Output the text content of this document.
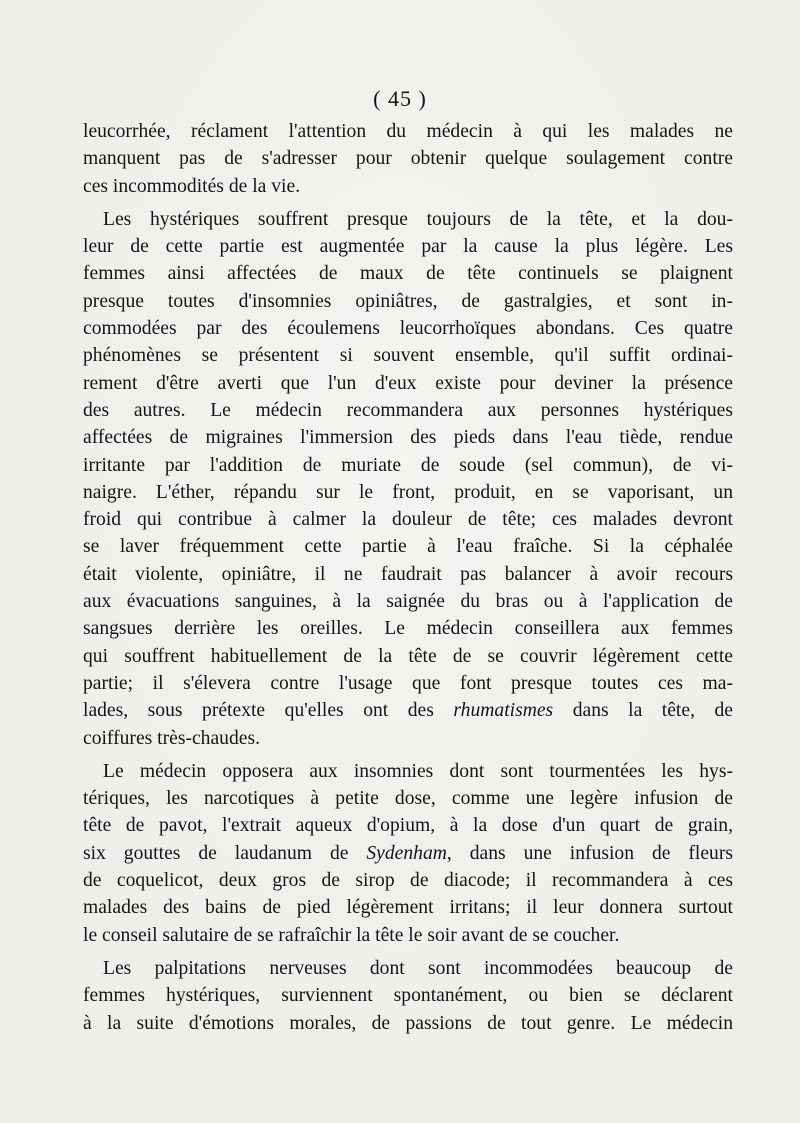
( 45 )
leucorrhée, réclament l'attention du médecin à qui les malades ne
manquent pas de s'adresser pour obtenir quelque soulagement contre
ces incommodités de la vie.
Les hystériques souffrent presque toujours de la tête, et la dou-
leur de cette partie est augmentée par la cause la plus légère. Les
femmes ainsi affectées de maux de tête continuels se plaignent
presque toutes d'insomnies opiniâtres, de gastralgies, et sont in-
commodées par des écoulemens leucorrhoïques abondans. Ces quatre
phénomènes se présentent si souvent ensemble, qu'il suffit ordinai-
rement d'être averti que l'un d'eux existe pour deviner la présence
des autres. Le médecin recommandera aux personnes hystériques
affectées de migraines l'immersion des pieds dans l'eau tiède, rendue
irritante par l'addition de muriate de soude (sel commun), de vi-
naigre. L'éther, répandu sur le front, produit, en se vaporisant, un
froid qui contribue à calmer la douleur de tête; ces malades devront
se laver fréquemment cette partie à l'eau fraîche. Si la céphalée
était violente, opiniâtre, il ne faudrait pas balancer à avoir recours
aux évacuations sanguines, à la saignée du bras ou à l'application de
sangsues derrière les oreilles. Le médecin conseillera aux femmes
qui souffrent habituellement de la tête de se couvrir légèrement cette
partie; il s'élevera contre l'usage que font presque toutes ces ma-
lades, sous prétexte qu'elles ont des rhumatismes dans la tête, de
coiffures très-chaudes.
Le médecin opposera aux insomnies dont sont tourmentées les hys-
tériques, les narcotiques à petite dose, comme une legère infusion de
tête de pavot, l'extrait aqueux d'opium, à la dose d'un quart de grain,
six gouttes de laudanum de Sydenham, dans une infusion de fleurs
de coquelicot, deux gros de sirop de diacode; il recommandera à ces
malades des bains de pied légèrement irritans; il leur donnera surtout
le conseil salutaire de se rafraîchir la tête le soir avant de se coucher.
Les palpitations nerveuses dont sont incommodées beaucoup de
femmes hystériques, surviennent spontanément, ou bien se déclarent
à la suite d'émotions morales, de passions de tout genre. Le médecin
